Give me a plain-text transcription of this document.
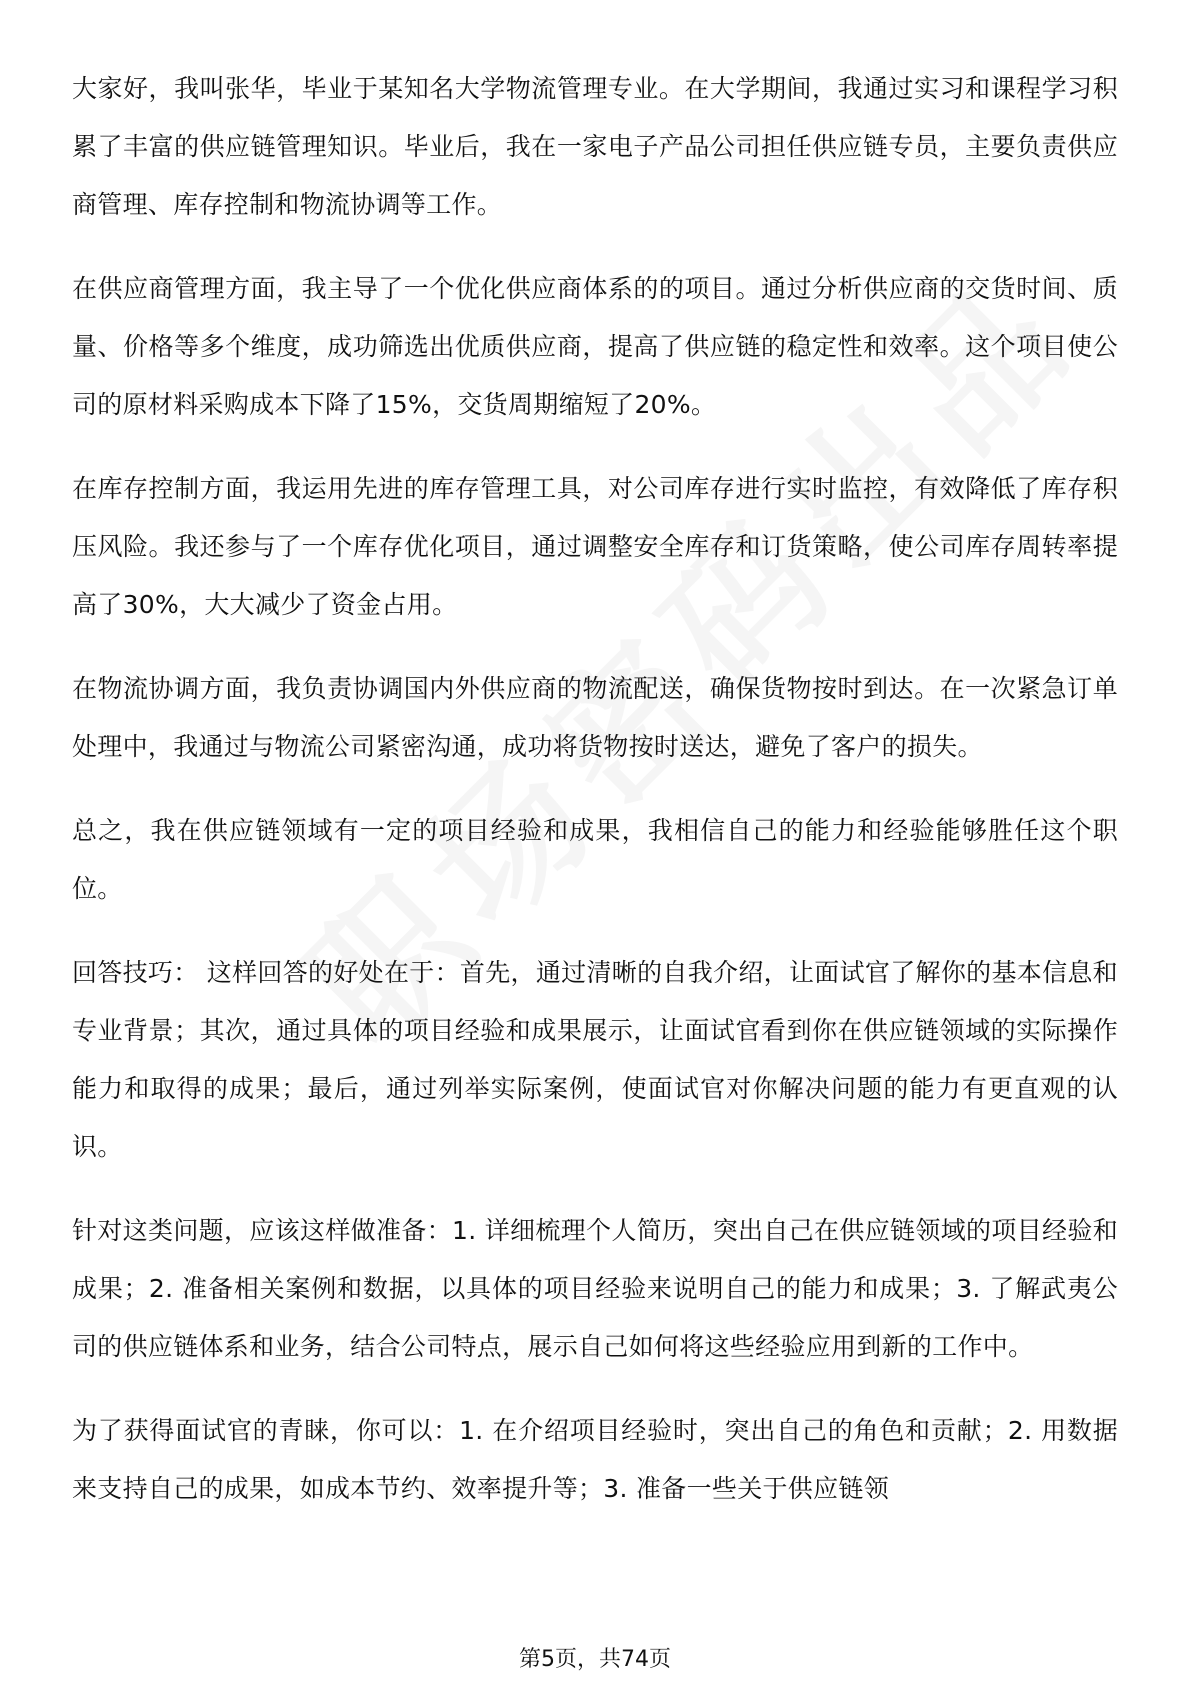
大家好，我叫张华，毕业于某知名大学物流管理专业。在大学期间，我通过实习和课程学习积累了丰富的供应链管理知识。毕业后，我在一家电子产品公司担任供应链专员，主要负责供应商管理、库存控制和物流协调等工作。

在供应商管理方面，我主导了一个优化供应商体系的的项目。通过分析供应商的交货时间、质量、价格等多个维度，成功筛选出优质供应商，提高了供应链的稳定性和效率。这个项目使公司的原材料采购成本下降了15%，交货周期缩短了20%。

在库存控制方面，我运用先进的库存管理工具，对公司库存进行实时监控，有效降低了库存积压风险。我还参与了一个库存优化项目，通过调整安全库存和订货策略，使公司库存周转率提高了30%，大大减少了资金占用。

在物流协调方面，我负责协调国内外供应商的物流配送，确保货物按时到达。在一次紧急订单处理中，我通过与物流公司紧密沟通，成功将货物按时送达，避免了客户的损失。

总之，我在供应链领域有一定的项目经验和成果，我相信自己的能力和经验能够胜任这个职位。

回答技巧： 这样回答的好处在于：首先，通过清晰的自我介绍，让面试官了解你的基本信息和专业背景；其次，通过具体的项目经验和成果展示，让面试官看到你在供应链领域的实际操作能力和取得的成果；最后，通过列举实际案例，使面试官对你解决问题的能力有更直观的认识。

针对这类问题，应该这样做准备：1. 详细梳理个人简历，突出自己在供应链领域的项目经验和成果；2. 准备相关案例和数据，以具体的项目经验来说明自己的能力和成果；3. 了解武夷公司的供应链体系和业务，结合公司特点，展示自己如何将这些经验应用到新的工作中。

为了获得面试官的青睐，你可以：1. 在介绍项目经验时，突出自己的角色和贡献；2. 用数据来支持自己的成果，如成本节约、效率提升等；3. 准备一些关于供应链领

第5页，共74页
